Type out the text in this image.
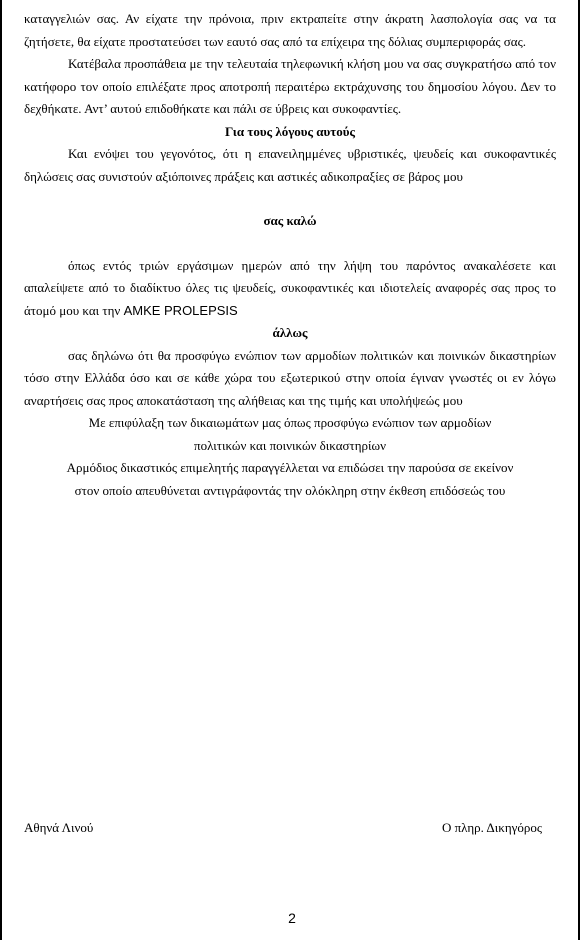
καταγγελιών σας. Αν είχατε την πρόνοια, πριν εκτραπείτε στην άκρατη λασπολογία σας να τα ζητήσετε, θα είχατε προστατεύσει των εαυτό σας από τα επίχειρα της δόλιας συμπεριφοράς σας.

Κατέβαλα προσπάθεια με την τελευταία τηλεφωνική κλήση μου να σας συγκρατήσω από τον κατήφορο τον οποίο επιλέξατε προς αποτροπή περαιτέρω εκτράχυνσης του δημοσίου λόγου. Δεν το δεχθήκατε. Αντ’ αυτού επιδοθήκατε και πάλι σε ύβρεις και συκοφαντίες.

Για τους λόγους αυτούς

Και ενόψει του γεγονότος, ότι η επανειλημμένες υβριστικές, ψευδείς και συκοφαντικές δηλώσεις σας συνιστούν αξιόποινες πράξεις και αστικές αδικοπραξίες σε βάρος μου

σας καλώ

όπως εντός τριών εργάσιμων ημερών από την λήψη του παρόντος ανακαλέσετε και απαλείψετε από το διαδίκτυο όλες τις ψευδείς, συκοφαντικές και ιδιοτελείς αναφορές σας προς το άτομό μου και την AMKE PROLEPSIS

άλλως

σας δηλώνω ότι θα προσφύγω ενώπιον των αρμοδίων πολιτικών και ποινικών δικαστηρίων τόσο στην Ελλάδα όσο και σε κάθε χώρα του εξωτερικού στην οποία έγιναν γνωστές οι εν λόγω αναρτήσεις σας προς αποκατάσταση της αλήθειας και της τιμής και υπολήψεώς μου

Με επιφύλαξη των δικαιωμάτων μας όπως προσφύγω ενώπιον των αρμοδίων

πολιτικών και ποινικών δικαστηρίων

Αρμόδιος δικαστικός επιμελητής παραγγέλλεται να επιδώσει την παρούσα σε εκείνον

στον οποίο απευθύνεται αντιγράφοντάς την ολόκληρη στην έκθεση επιδόσεώς του

Αθηνά Λινού	Ο πληρ. Δικηγόρος
2
